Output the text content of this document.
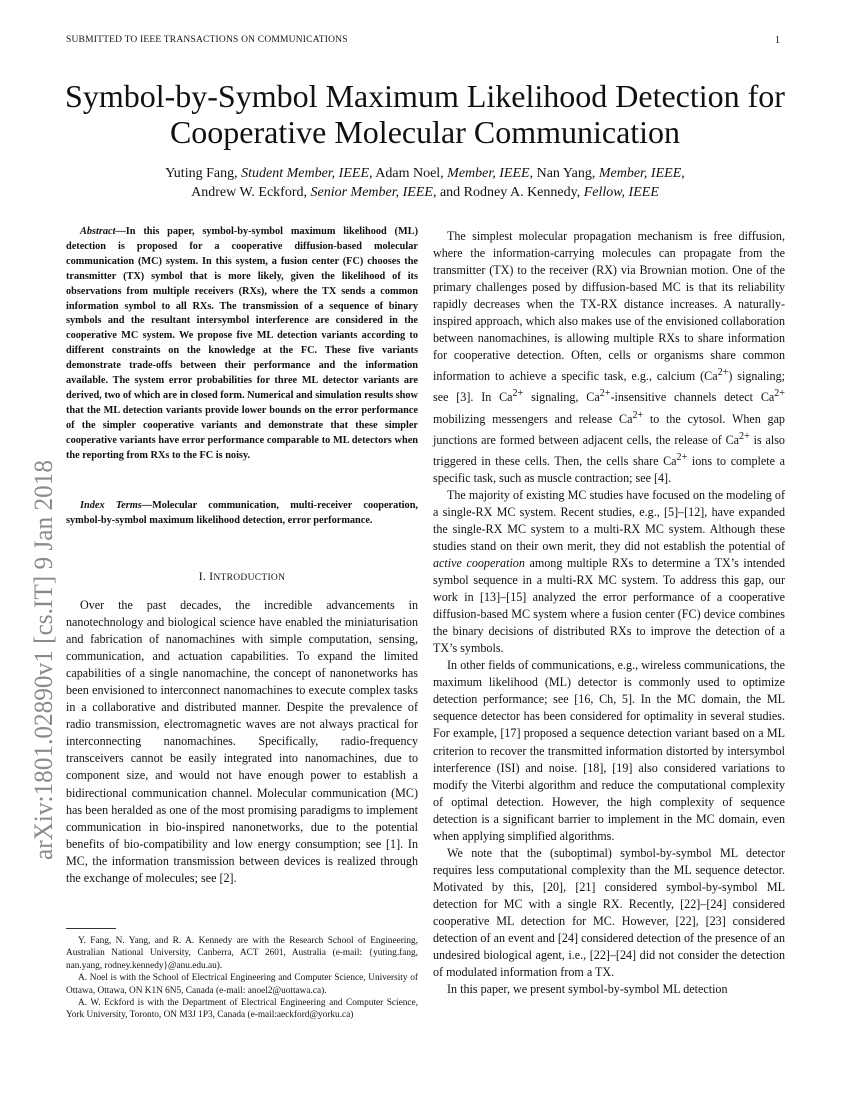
SUBMITTED TO IEEE TRANSACTIONS ON COMMUNICATIONS	1
arXiv:1801.02890v1 [cs.IT] 9 Jan 2018
Symbol-by-Symbol Maximum Likelihood Detection for Cooperative Molecular Communication
Yuting Fang, Student Member, IEEE, Adam Noel, Member, IEEE, Nan Yang, Member, IEEE,
Andrew W. Eckford, Senior Member, IEEE, and Rodney A. Kennedy, Fellow, IEEE
Abstract—In this paper, symbol-by-symbol maximum likelihood (ML) detection is proposed for a cooperative diffusion-based molecular communication (MC) system. In this system, a fusion center (FC) chooses the transmitter (TX) symbol that is more likely, given the likelihood of its observations from multiple receivers (RXs), where the TX sends a common information symbol to all RXs. The transmission of a sequence of binary symbols and the resultant intersymbol interference are considered in the cooperative MC system. We propose five ML detection variants according to different constraints on the knowledge at the FC. These five variants demonstrate trade-offs between their performance and the information available. The system error probabilities for three ML detector variants are derived, two of which are in closed form. Numerical and simulation results show that the ML detection variants provide lower bounds on the error performance of the simpler cooperative variants and demonstrate that these simpler cooperative variants have error performance comparable to ML detectors when the reporting from RXs to the FC is noisy.
Index Terms—Molecular communication, multi-receiver cooperation, symbol-by-symbol maximum likelihood detection, error performance.
I. INTRODUCTION
Over the past decades, the incredible advancements in nanotechnology and biological science have enabled the miniaturisation and fabrication of nanomachines with simple computation, sensing, communication, and actuation capabilities. To expand the limited capabilities of a single nanomachine, the concept of nanonetworks has been envisioned to interconnect nanomachines to execute complex tasks in a collaborative and distributed manner. Despite the prevalence of radio transmission, electromagnetic waves are not always practical for interconnecting nanomachines. Specifically, radio-frequency transceivers cannot be easily integrated into nanomachines, due to component size, and would not have enough power to establish a bidirectional communication channel. Molecular communication (MC) has been heralded as one of the most promising paradigms to implement communication in bio-inspired nanonetworks, due to the potential benefits of bio-compatibility and low energy consumption; see [1]. In MC, the information transmission between devices is realized through the exchange of molecules; see [2].

Y. Fang, N. Yang, and R. A. Kennedy are with the Research School of Engineering, Australian National University, Canberra, ACT 2601, Australia (e-mail: {yuting.fang, nan.yang, rodney.kennedy}@anu.edu.au).

A. Noel is with the School of Electrical Engineering and Computer Science, University of Ottawa, Ottawa, ON K1N 6N5, Canada (e-mail: anoel2@uottawa.ca).

A. W. Eckford is with the Department of Electrical Engineering and Computer Science, York University, Toronto, ON M3J 1P3, Canada (e-mail:aeckford@yorku.ca)

The simplest molecular propagation mechanism is free diffusion, where the information-carrying molecules can propagate from the transmitter (TX) to the receiver (RX) via Brownian motion. One of the primary challenges posed by diffusion-based MC is that its reliability rapidly decreases when the TX-RX distance increases. A naturally-inspired approach, which also makes use of the envisioned collaboration between nanomachines, is allowing multiple RXs to share information for cooperative detection. Often, cells or organisms share common information to achieve a specific task, e.g., calcium $(Ca^{2+})$ signaling; see [3]. In $Ca^{2+}$ signaling, $Ca^{2+}$-insensitive channels detect $Ca^{2+}$ mobilizing messengers and release $Ca^{2+}$ to the cytosol. When gap junctions are formed between adjacent cells, the release of $Ca^{2+}$ is also triggered in these cells. Then, the cells share $Ca^{2+}$ ions to complete a specific task, such as muscle contraction; see [4].

The majority of existing MC studies have focused on the modeling of a single-RX MC system. Recent studies, e.g., [5]–[12], have expanded the single-RX MC system to a multi-RX MC system. Although these studies stand on their own merit, they did not establish the potential of active cooperation among multiple RXs to determine a TX’s intended symbol sequence in a multi-RX MC system. To address this gap, our work in [13]–[15] analyzed the error performance of a cooperative diffusion-based MC system where a fusion center (FC) device combines the binary decisions of distributed RXs to improve the detection of a TX’s symbols.

In other fields of communications, e.g., wireless communications, the maximum likelihood (ML) detector is commonly used to optimize detection performance; see [16, Ch, 5]. In the MC domain, the ML sequence detector has been considered for optimality in several studies. For example, [17] proposed a sequence detection variant based on a ML criterion to recover the transmitted information distorted by intersymbol interference (ISI) and noise. [18], [19] also considered variations to modify the Viterbi algorithm and reduce the computational complexity of optimal detection. However, the high complexity of sequence detection is a significant barrier to implement in the MC domain, even when applying simplified algorithms.

We note that the (suboptimal) symbol-by-symbol ML detector requires less computational complexity than the ML sequence detector. Motivated by this, [20], [21] considered symbol-by-symbol ML detection for MC with a single RX. Recently, [22]–[24] considered cooperative ML detection for MC. However, [22], [23] considered detection of an event and [24] considered detection of the presence of an undesired biological agent, i.e., [22]–[24] did not consider the detection of modulated information from a TX.

In this paper, we present symbol-by-symbol ML detection
